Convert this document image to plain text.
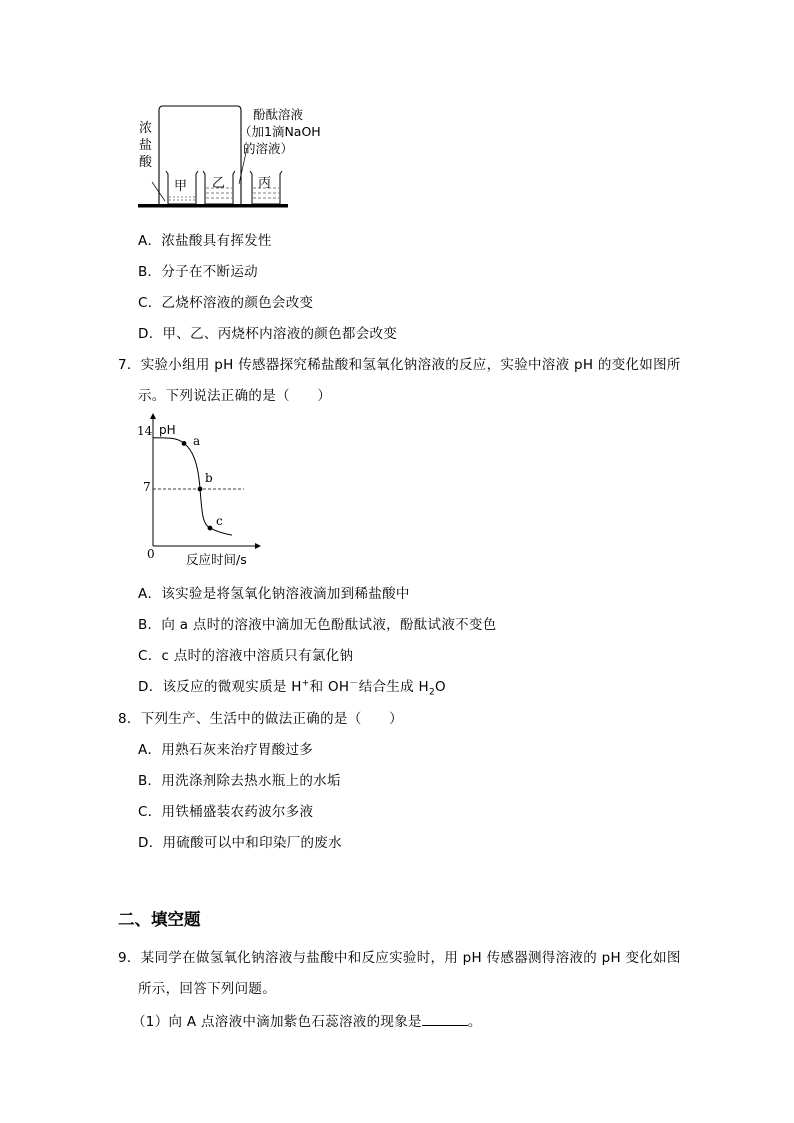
浓
盐
酸
甲 乙	丙
酚酞溶液
（加1滴NaOH
的溶液）
A．浓盐酸具有挥发性
B．分子在不断运动
C．乙烧杯溶液的颜色会改变
D．甲、乙、丙烧杯内溶液的颜色都会改变
7．实验小组用 pH 传感器探究稀盐酸和氢氧化钠溶液的反应，实验中溶液 pH 的变化如图所
示。下列说法正确的是（　　）
14 pH
7
0	反应时间/s
a
b
c
A．该实验是将氢氧化钠溶液滴加到稀盐酸中
B．向 a 点时的溶液中滴加无色酚酞试液，酚酞试液不变色
C．c 点时的溶液中溶质只有氯化钠
D．该反应的微观实质是 H+和 OH－结合生成 $H_2O$
8．下列生产、生活中的做法正确的是（　　）
A．用熟石灰来治疗胃酸过多
B．用洗涤剂除去热水瓶上的水垢
C．用铁桶盛装农药波尔多液
D．用硫酸可以中和印染厂的废水
二、填空题
9．某同学在做氢氧化钠溶液与盐酸中和反应实验时，用 pH 传感器测得溶液的 pH 变化如图
所示，回答下列问题。
（1）向 A 点溶液中滴加紫色石蕊溶液的现象是	。
